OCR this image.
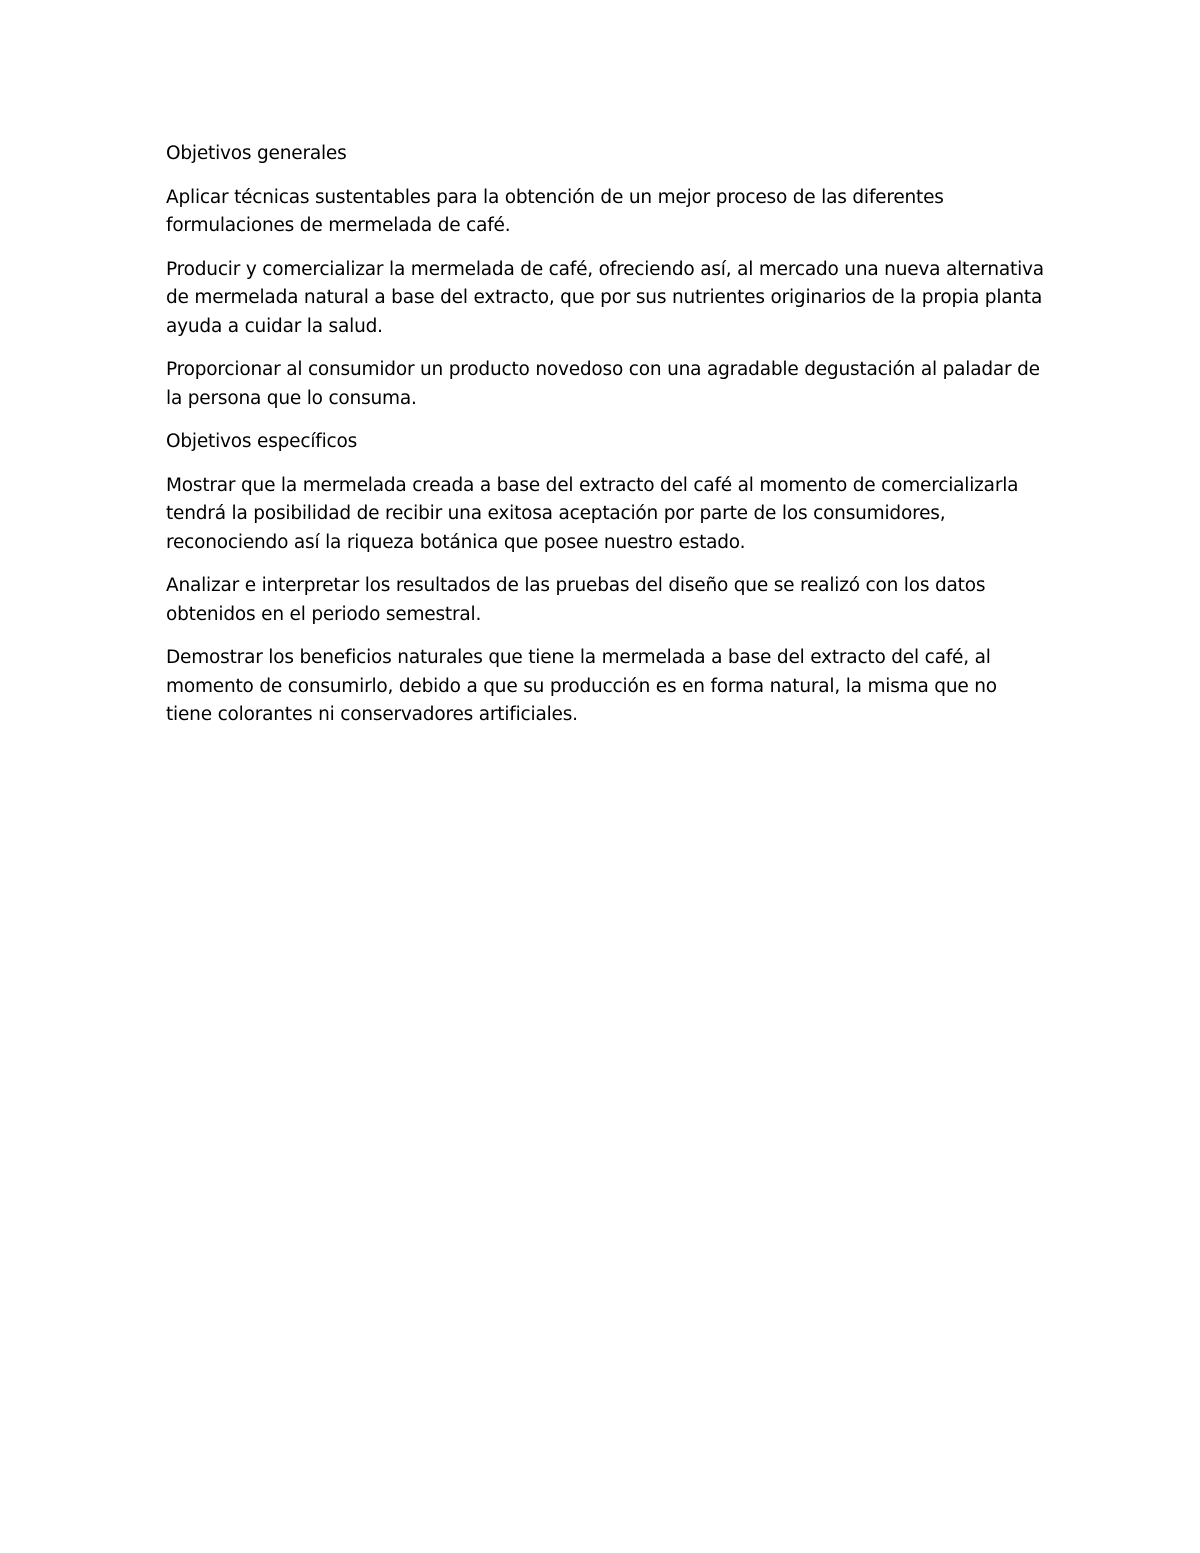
Objetivos generales

Aplicar técnicas sustentables para la obtención de un mejor proceso de las diferentes formulaciones de mermelada de café.

Producir y comercializar la mermelada de café, ofreciendo así, al mercado una nueva alternativa de mermelada natural a base del extracto, que por sus nutrientes originarios de la propia planta ayuda a cuidar la salud.

Proporcionar al consumidor un producto novedoso con una agradable degustación al paladar de la persona que lo consuma.

Objetivos específicos

Mostrar que la mermelada creada a base del extracto del café al momento de comercializarla tendrá la posibilidad de recibir una exitosa aceptación por parte de los consumidores, reconociendo así la riqueza botánica que posee nuestro estado.

Analizar e interpretar los resultados de las pruebas del diseño que se realizó con los datos obtenidos en el periodo semestral.

Demostrar los beneficios naturales que tiene la mermelada a base del extracto del café, al momento de consumirlo, debido a que su producción es en forma natural, la misma que no tiene colorantes ni conservadores artificiales.
